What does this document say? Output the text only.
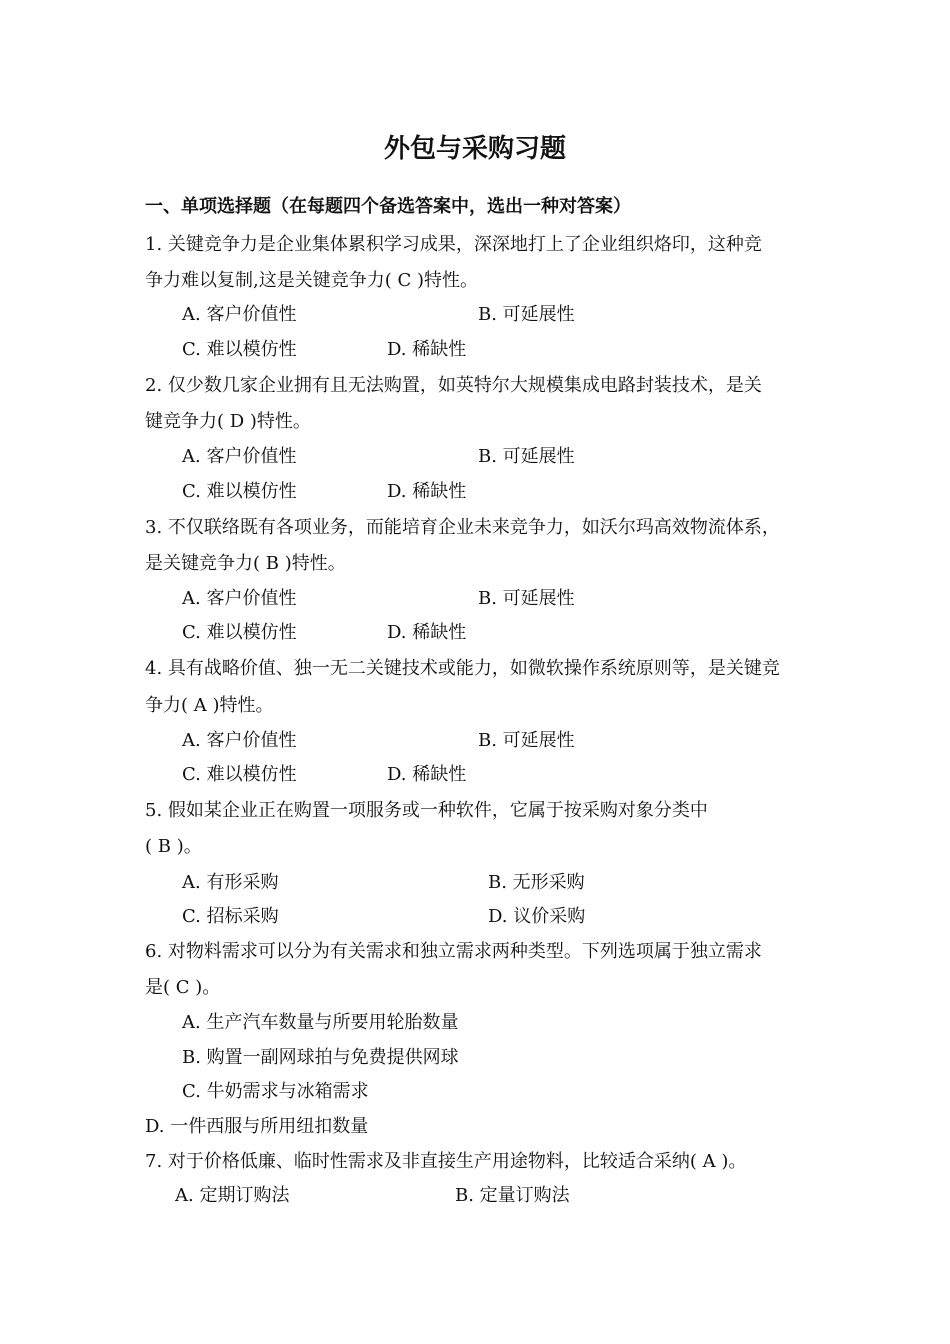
外包与采购习题
一、单项选择题（在每题四个备选答案中，选出一种对答案）

1. 关键竞争力是企业集体累积学习成果，深深地打上了企业组织烙印，这种竞

争力难以复制,这是关键竞争力( C )特性。

A. 客户价值性	B. 可延展性

C. 难以模仿性	D. 稀缺性

2. 仅少数几家企业拥有且无法购置，如英特尔大规模集成电路封装技术，是关

键竞争力( D )特性。

A. 客户价值性	B. 可延展性

C. 难以模仿性	D. 稀缺性

3. 不仅联络既有各项业务，而能培育企业未来竞争力，如沃尔玛高效物流体系，

是关键竞争力( B )特性。

A. 客户价值性	B. 可延展性

C. 难以模仿性	D. 稀缺性

4. 具有战略价值、独一无二关键技术或能力，如微软操作系统原则等，是关键竞

争力( A )特性。

A. 客户价值性	B. 可延展性

C. 难以模仿性	D. 稀缺性

5. 假如某企业正在购置一项服务或一种软件，它属于按采购对象分类中

( B )。

A. 有形采购	B. 无形采购

C. 招标采购	D. 议价采购

6. 对物料需求可以分为有关需求和独立需求两种类型。下列选项属于独立需求

是( C )。

A. 生产汽车数量与所要用轮胎数量

B. 购置一副网球拍与免费提供网球

C. 牛奶需求与冰箱需求

D. 一件西服与所用纽扣数量

7. 对于价格低廉、临时性需求及非直接生产用途物料，比较适合采纳( A )。

A. 定期订购法	B. 定量订购法
